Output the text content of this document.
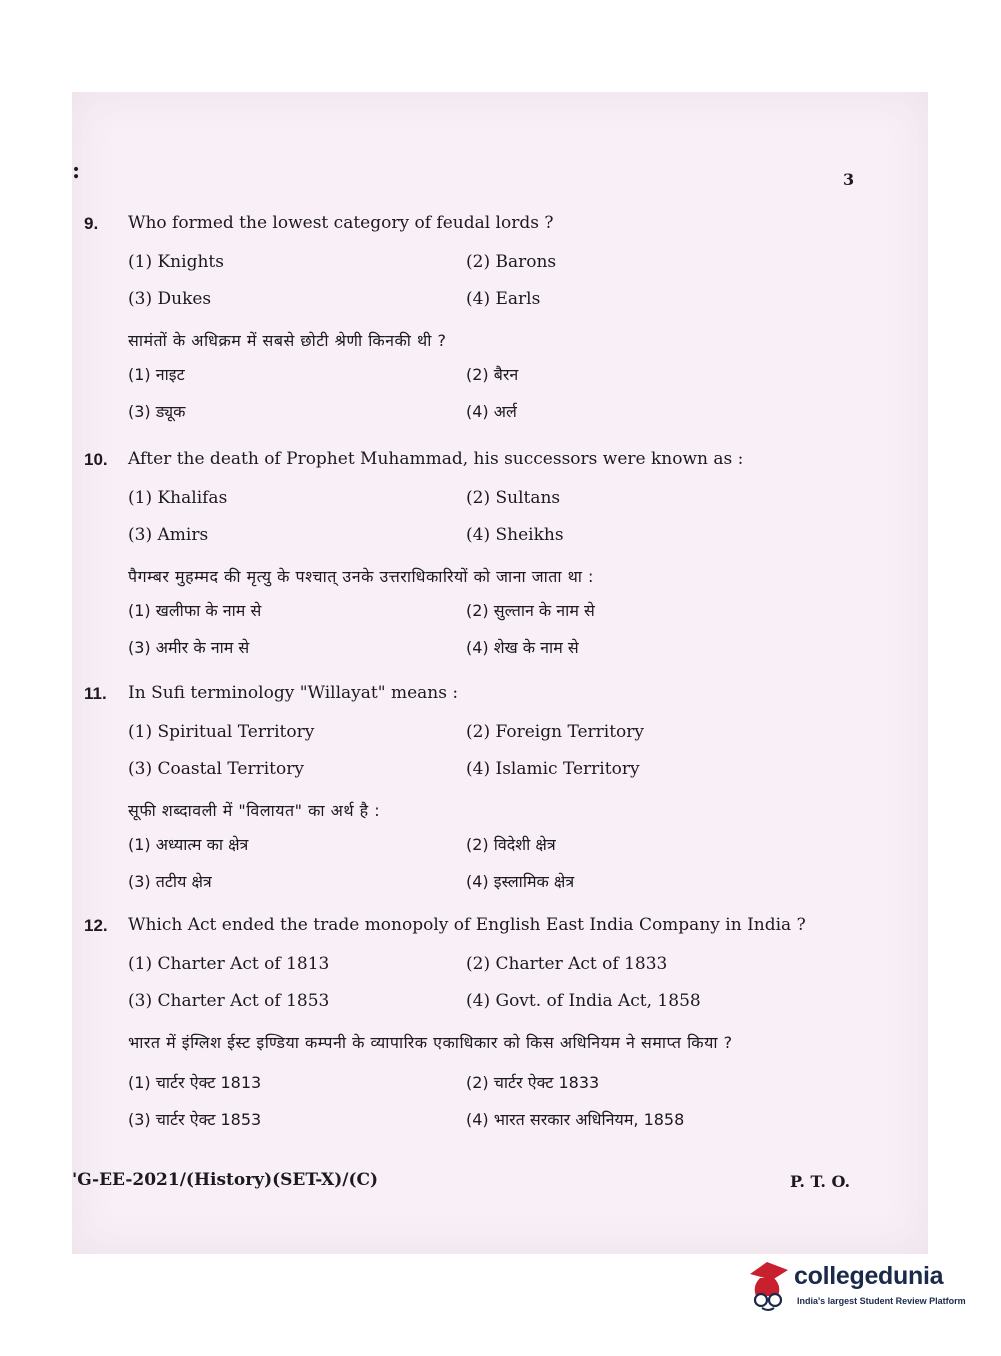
:	3
9. Who formed the lowest category of feudal lords ?
(1) Knights	(2) Barons
(3) Dukes	(4) Earls
सामंतों के अधिक्रम में सबसे छोटी श्रेणी किनकी थी ?
(1) नाइट	(2) बैरन
(3) ड्यूक	(4) अर्ल
10. After the death of Prophet Muhammad, his successors were known as :
(1) Khalifas	(2) Sultans
(3) Amirs	(4) Sheikhs
पैगम्बर मुहम्मद की मृत्यु के पश्चात् उनके उत्तराधिकारियों को जाना जाता था :
(1) खलीफा के नाम से	(2) सुल्तान के नाम से
(3) अमीर के नाम से	(4) शेख के नाम से
11. In Sufi terminology "Willayat" means :
(1) Spiritual Territory	(2) Foreign Territory
(3) Coastal Territory	(4) Islamic Territory
सूफी शब्दावली में "विलायत" का अर्थ है :
(1) अध्यात्म का क्षेत्र	(2) विदेशी क्षेत्र
(3) तटीय क्षेत्र	(4) इस्लामिक क्षेत्र
12. Which Act ended the trade monopoly of English East India Company in India ?
(1) Charter Act of 1813	(2) Charter Act of 1833
(3) Charter Act of 1853	(4) Govt. of India Act, 1858
भारत में इंग्लिश ईस्ट इण्डिया कम्पनी के व्यापारिक एकाधिकार को किस अधिनियम ने समाप्त किया ?
(1) चार्टर ऐक्ट 1813	(2) चार्टर ऐक्ट 1833
(3) चार्टर ऐक्ट 1853	(4) भारत सरकार अधिनियम, 1858
'G-EE-2021/(History)(SET-X)/(C)	P. T. O.
collegedunia
India's largest Student Review Platform
